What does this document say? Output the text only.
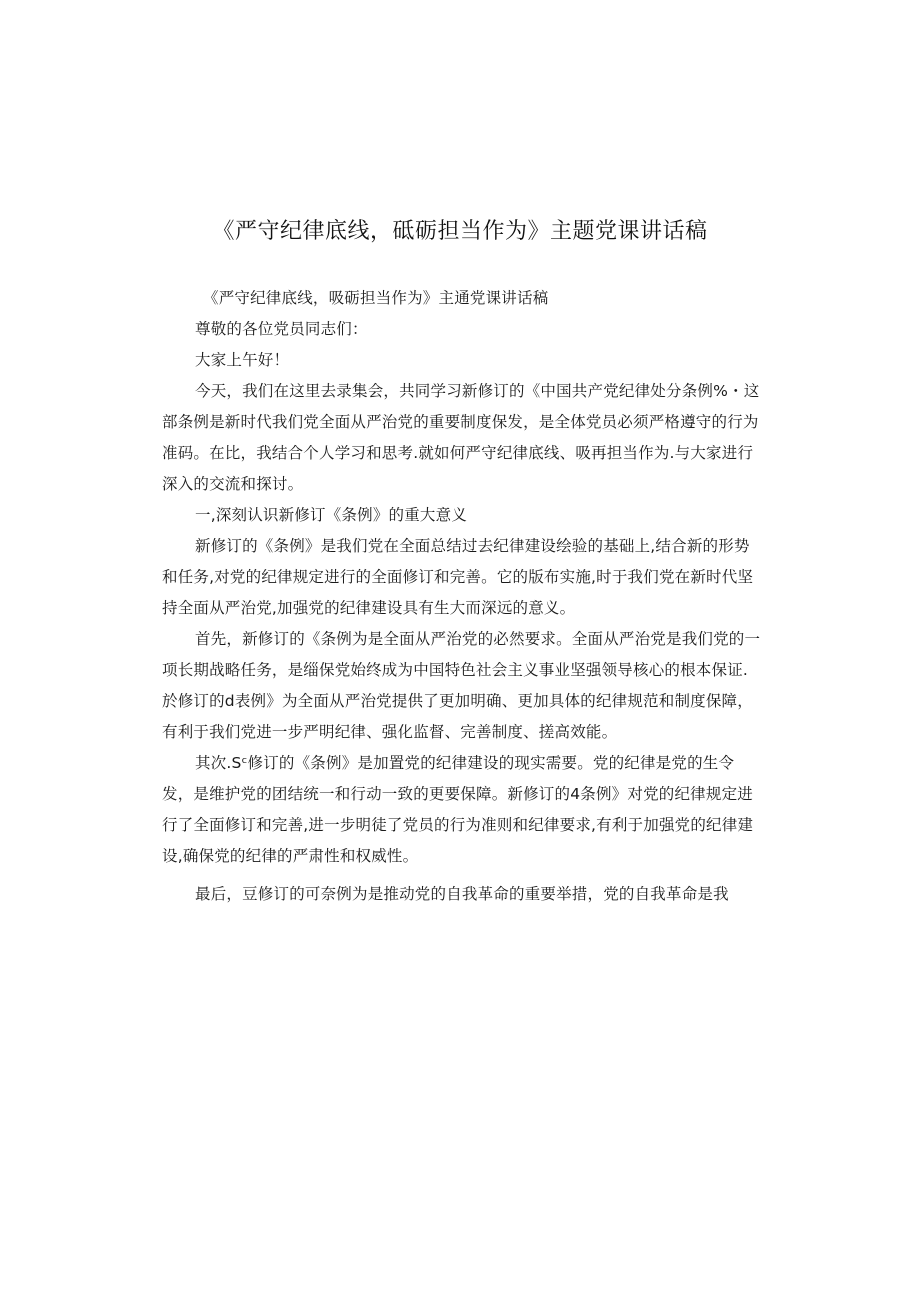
《严守纪律底线，砥砺担当作为》主题党课讲话稿

《严守纪律底线，吸砺担当作为》主通党课讲话稿

尊敬的各位党员同志们：

大家上午好！

今天，我们在这里去录集会，共同学习新修订的《中国共产党纪律处分条例%・这部条例是新时代我们党全面从严治党的重要制度保发，是全体党员必须严格遵守的行为准码。在比，我结合个人学习和思考.就如何严守纪律底线、吸再担当作为.与大家进行深入的交流和探讨。

一,深刻认识新修订《条例》的重大意义

新修订的《条例》是我们党在全面总结过去纪律建设绘验的基础上,结合新的形势和任务,对党的纪律规定进行的全面修订和完善。它的版布实施,时于我们党在新时代坚持全面从严治党,加强党的纪律建设具有生大而深远的意义。

首先，新修订的《条例为是全面从严治党的必然要求。全面从严治党是我们党的一项长期战略任务，是缁保党始终成为中国特色社会主义事业坚强领导核心的根本保证.於修订的d表例》为全面从严治党提供了更加明确、更加具体的纪律规范和制度保障，有利于我们党进一步严明纪律、强化监督、完善制度、搓高效能。

其次.Sᶜ修订的《条例》是加置党的纪律建设的现实需要。党的纪律是党的生令发，是维护党的团结统一和行动一致的更要保障。新修订的4条例》对党的纪律规定进行了全面修订和完善,进一步明徒了党员的行为准则和纪律要求,有利于加强党的纪律建设,确保党的纪律的严肃性和权威性。

最后，豆修订的可奈例为是推动党的自我革命的重要举措，党的自我革命是我
